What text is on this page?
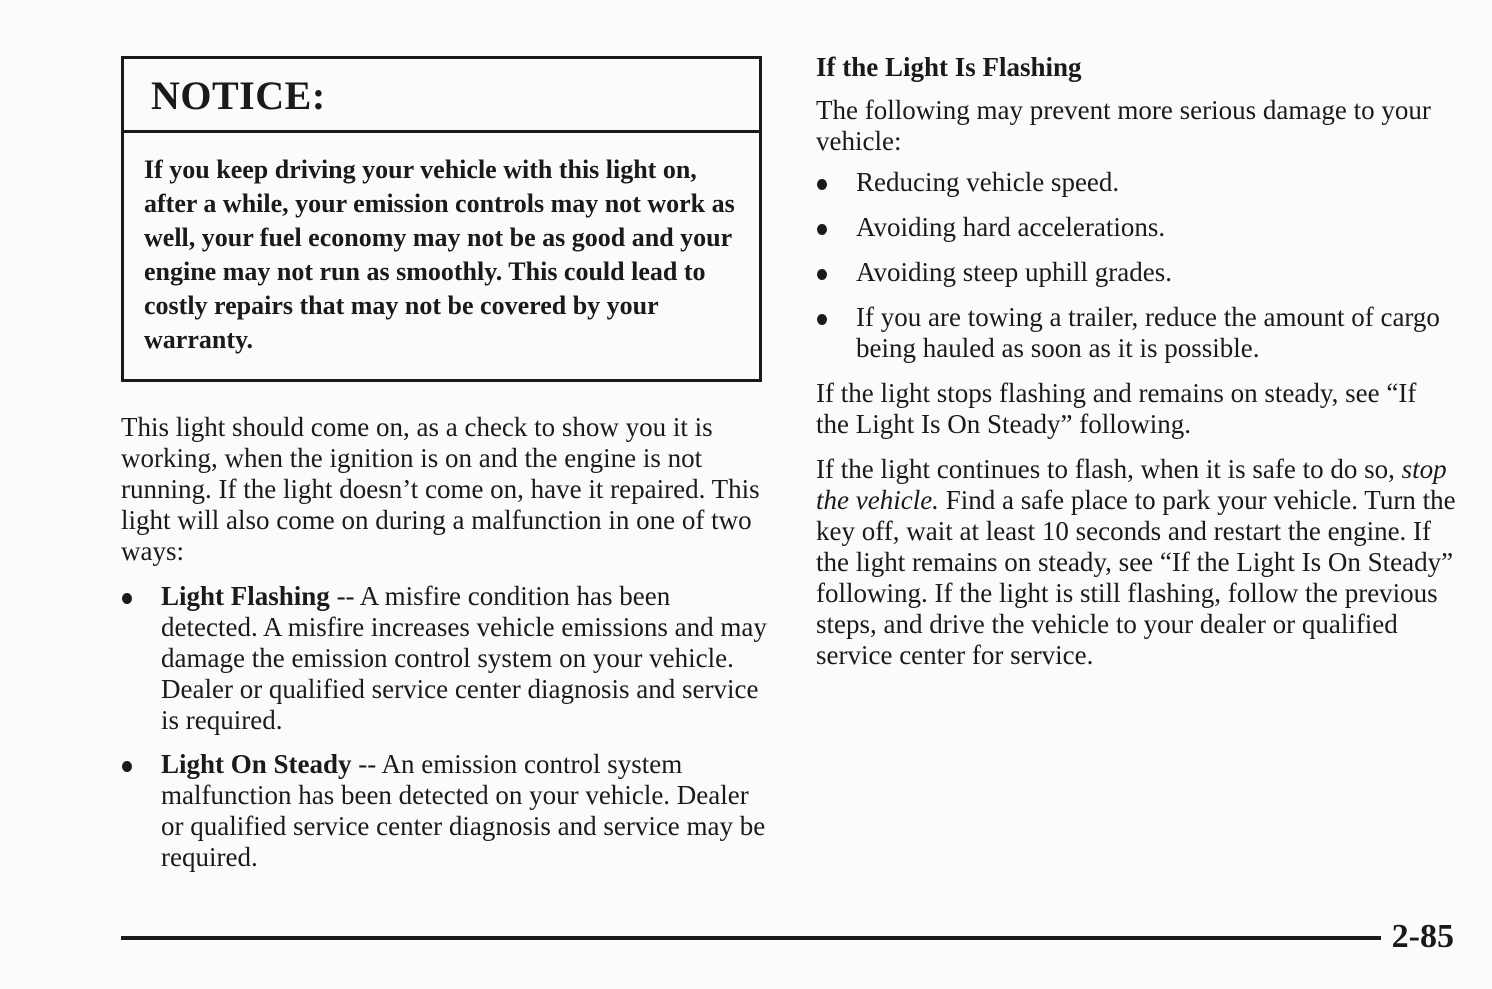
NOTICE:
If you keep driving your vehicle with this light on, after a while, your emission controls may not work as well, your fuel economy may not be as good and your engine may not run as smoothly. This could lead to costly repairs that may not be covered by your warranty.

This light should come on, as a check to show you it is working, when the ignition is on and the engine is not running. If the light doesn’t come on, have it repaired. This light will also come on during a malfunction in one of two ways:

Light Flashing -- A misfire condition has been detected. A misfire increases vehicle emissions and may damage the emission control system on your vehicle. Dealer or qualified service center diagnosis and service is required.
Light On Steady -- An emission control system malfunction has been detected on your vehicle. Dealer or qualified service center diagnosis and service may be required.
If the Light Is Flashing

The following may prevent more serious damage to your vehicle:

Reducing vehicle speed.
Avoiding hard accelerations.
Avoiding steep uphill grades.
If you are towing a trailer, reduce the amount of cargo being hauled as soon as it is possible.

If the light stops flashing and remains on steady, see “If the Light Is On Steady” following.

If the light continues to flash, when it is safe to do so, stop the vehicle. Find a safe place to park your vehicle. Turn the key off, wait at least 10 seconds and restart the engine. If the light remains on steady, see “If the Light Is On Steady” following. If the light is still flashing, follow the previous steps, and drive the vehicle to your dealer or qualified service center for service.

2-85
